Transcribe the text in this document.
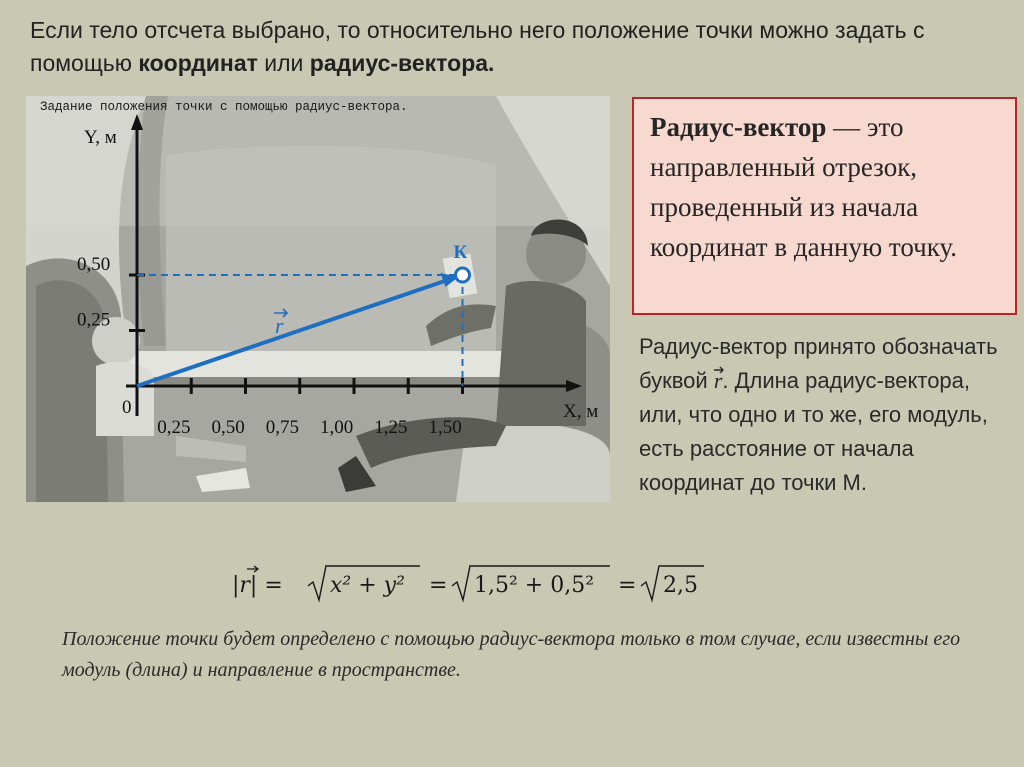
Если тело отсчета выбрано, то относительно него положение точки можно задать с помощью координат или радиус-вектора.
0,25 0,50 0,75 1,00 1,25 1,50
0,25
0,50
Y, м
X, м
0
К
r
Задание положения точки с помощью радиус-вектора.
Радиус-вектор — это направленный отрезок, проведенный из начала координат в данную точку.
Радиус-вектор принято обозначать буквой r
. Длина радиус-вектора, или, что одно и то же, его модуль, есть расстояние от начала координат до точки М.
|r| = x² + y² = 1,5² + 0,5² = 2,5
Положение точки будет определено с помощью радиус-вектора только в том случае, если известны его модуль (длина) и направление в пространстве.
